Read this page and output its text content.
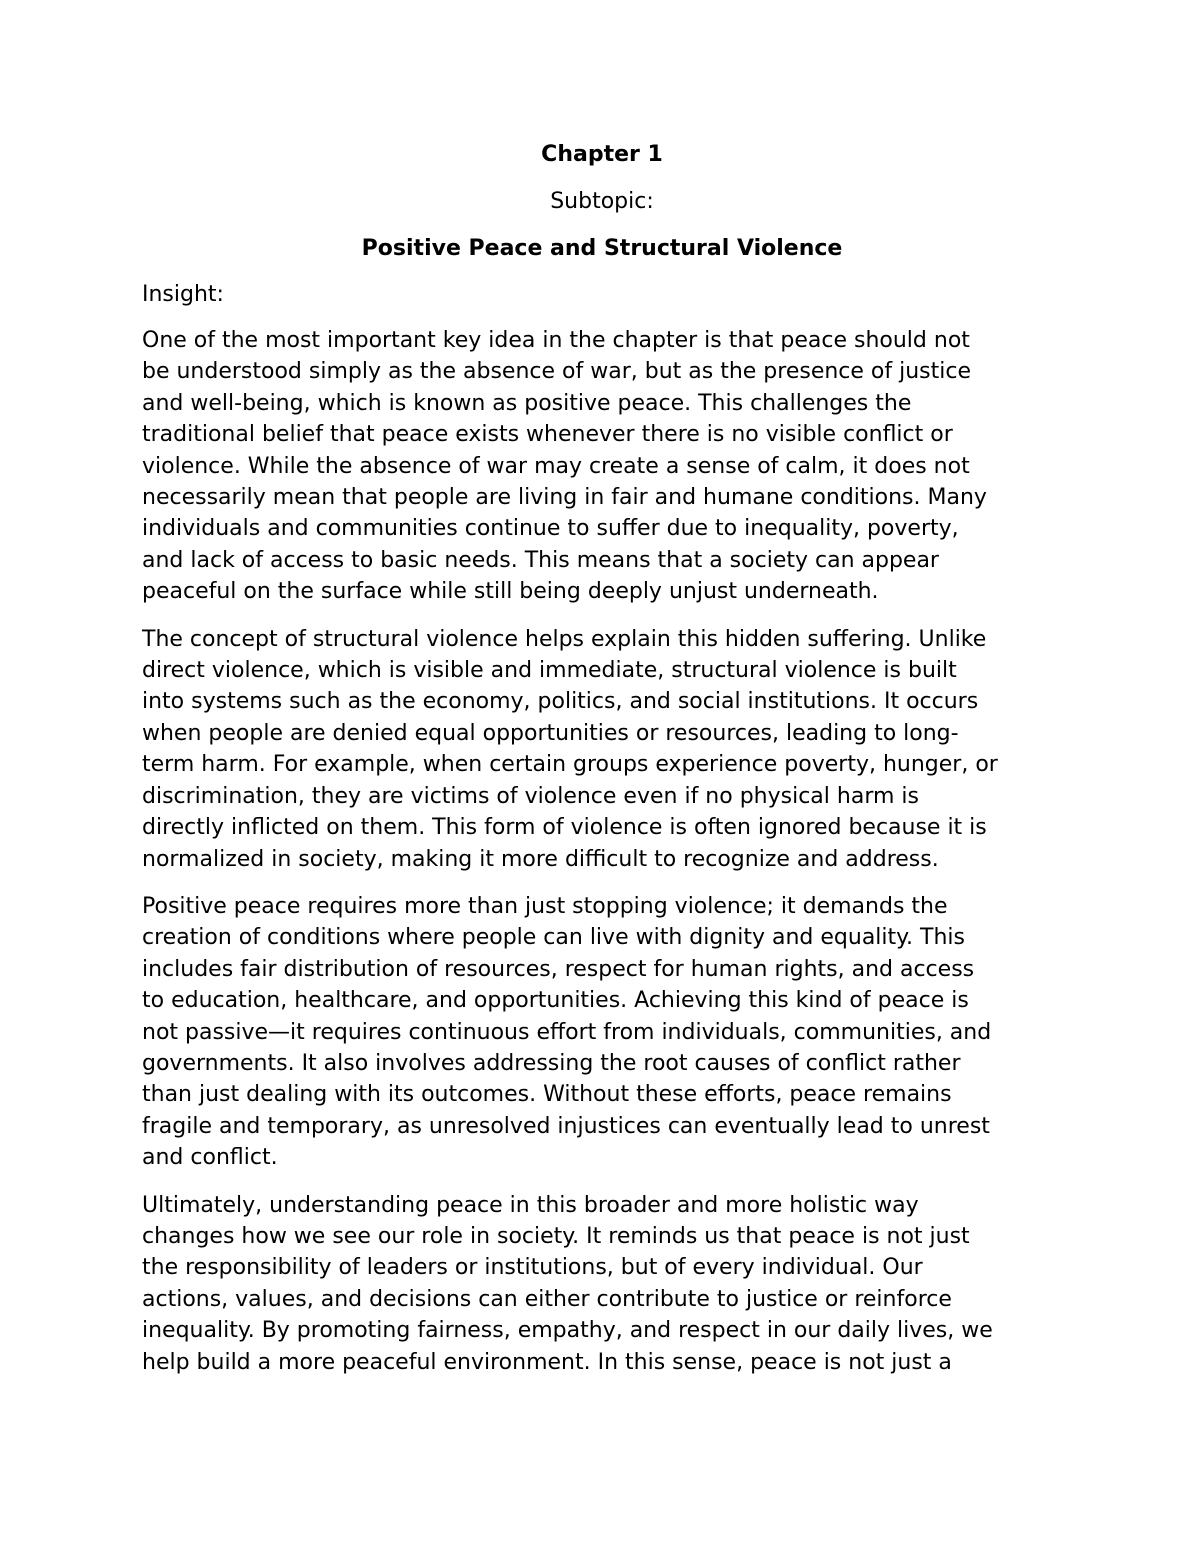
Chapter 1

Subtopic:

Positive Peace and Structural Violence

Insight:

One of the most important key idea in the chapter is that peace should not
be understood simply as the absence of war, but as the presence of justice
and well-being, which is known as positive peace. This challenges the
traditional belief that peace exists whenever there is no visible conflict or
violence. While the absence of war may create a sense of calm, it does not
necessarily mean that people are living in fair and humane conditions. Many
individuals and communities continue to suffer due to inequality, poverty,
and lack of access to basic needs. This means that a society can appear
peaceful on the surface while still being deeply unjust underneath.

The concept of structural violence helps explain this hidden suffering. Unlike
direct violence, which is visible and immediate, structural violence is built
into systems such as the economy, politics, and social institutions. It occurs
when people are denied equal opportunities or resources, leading to long-
term harm. For example, when certain groups experience poverty, hunger, or
discrimination, they are victims of violence even if no physical harm is
directly inflicted on them. This form of violence is often ignored because it is
normalized in society, making it more difficult to recognize and address.

Positive peace requires more than just stopping violence; it demands the
creation of conditions where people can live with dignity and equality. This
includes fair distribution of resources, respect for human rights, and access
to education, healthcare, and opportunities. Achieving this kind of peace is
not passive—it requires continuous effort from individuals, communities, and
governments. It also involves addressing the root causes of conflict rather
than just dealing with its outcomes. Without these efforts, peace remains
fragile and temporary, as unresolved injustices can eventually lead to unrest
and conflict.

Ultimately, understanding peace in this broader and more holistic way
changes how we see our role in society. It reminds us that peace is not just
the responsibility of leaders or institutions, but of every individual. Our
actions, values, and decisions can either contribute to justice or reinforce
inequality. By promoting fairness, empathy, and respect in our daily lives, we
help build a more peaceful environment. In this sense, peace is not just a
